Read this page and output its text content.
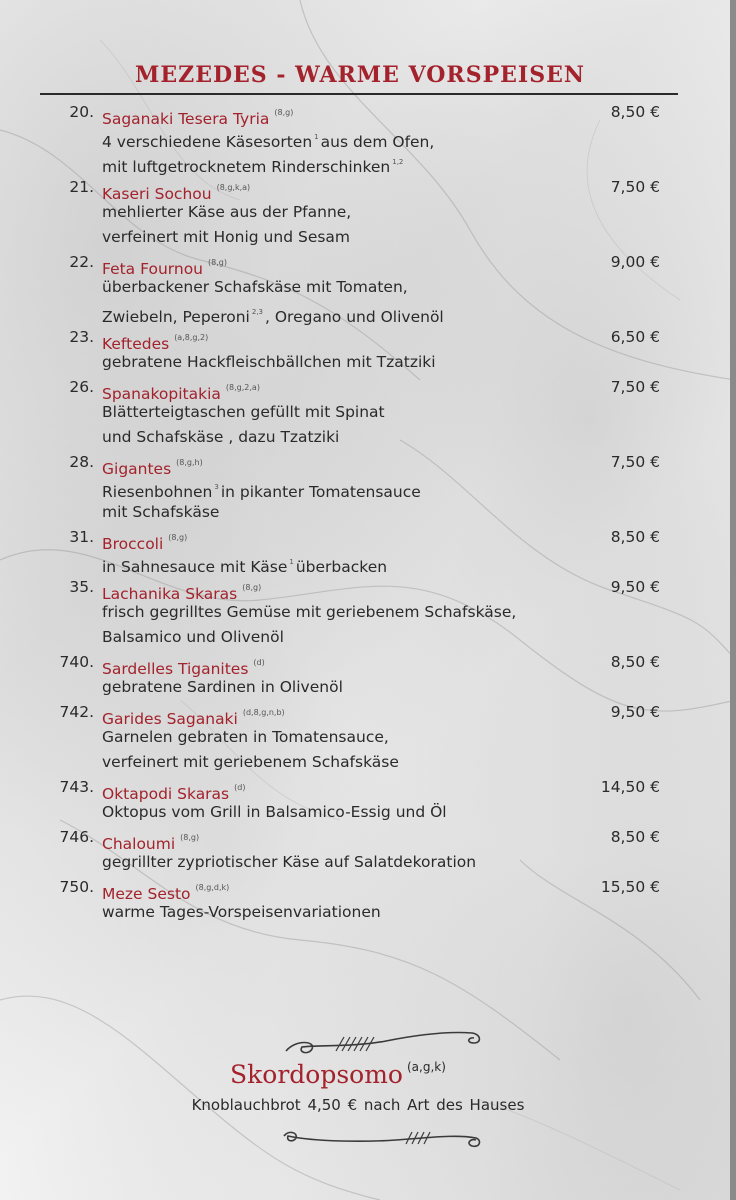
MEZEDES - WARME VORSPEISEN
20. Saganaki Tesera Tyria $^{(8,g)}$	8,50 €
4 verschiedene Käsesorten $^1$ aus dem Ofen,
mit luftgetrocknetem Rinderschinken $^{1,2}$
21. Kaseri Sochou $^{(8,g,k,a)}$	7,50 €
mehlierter Käse aus der Pfanne,
verfeinert mit Honig und Sesam
22. Feta Fournou $^{(8,g)}$	9,00 €
überbackener Schafskäse mit Tomaten,
Zwiebeln, Peperoni $^{2,3}$ , Oregano und Olivenöl
23. Keftedes $^{(a,8,g,2)}$	6,50 €
gebratene Hackfleischbällchen mit Tzatziki
26. Spanakopitakia $^{(8,g,2,a)}$	7,50 €
Blätterteigtaschen gefüllt mit Spinat
und Schafskäse , dazu Tzatziki
28. Gigantes $^{(8,g,h)}$	7,50 €
Riesenbohnen $^3$ in pikanter Tomatensauce
mit Schafskäse
31. Broccoli $^{(8,g)}$	8,50 €
in Sahnesauce mit Käse $^1$ überbacken
35. Lachanika Skaras $^{(8,g)}$	9,50 €
frisch gegrilltes Gemüse mit geriebenem Schafskäse,
Balsamico und Olivenöl
740. Sardelles Tiganites $^{(d)}$	8,50 €
gebratene Sardinen in Olivenöl
742. Garides Saganaki $^{(d,8,g,n,b)}$	9,50 €
Garnelen gebraten in Tomatensauce,
verfeinert mit geriebenem Schafskäse
743. Oktapodi Skaras $^{(d)}$	14,50 €
Oktopus vom Grill in Balsamico-Essig und Öl
746. Chaloumi $^{(8,g)}$	8,50 €
gegrillter zypriotischer Käse auf Salatdekoration
750. Meze Sesto $^{(8,g,d,k)}$	15,50 €
warme Tages-Vorspeisenvariationen
Skordopsomo $^{(a,g,k)}$
Knoblauchbrot 4,50 € nach Art des Hauses
